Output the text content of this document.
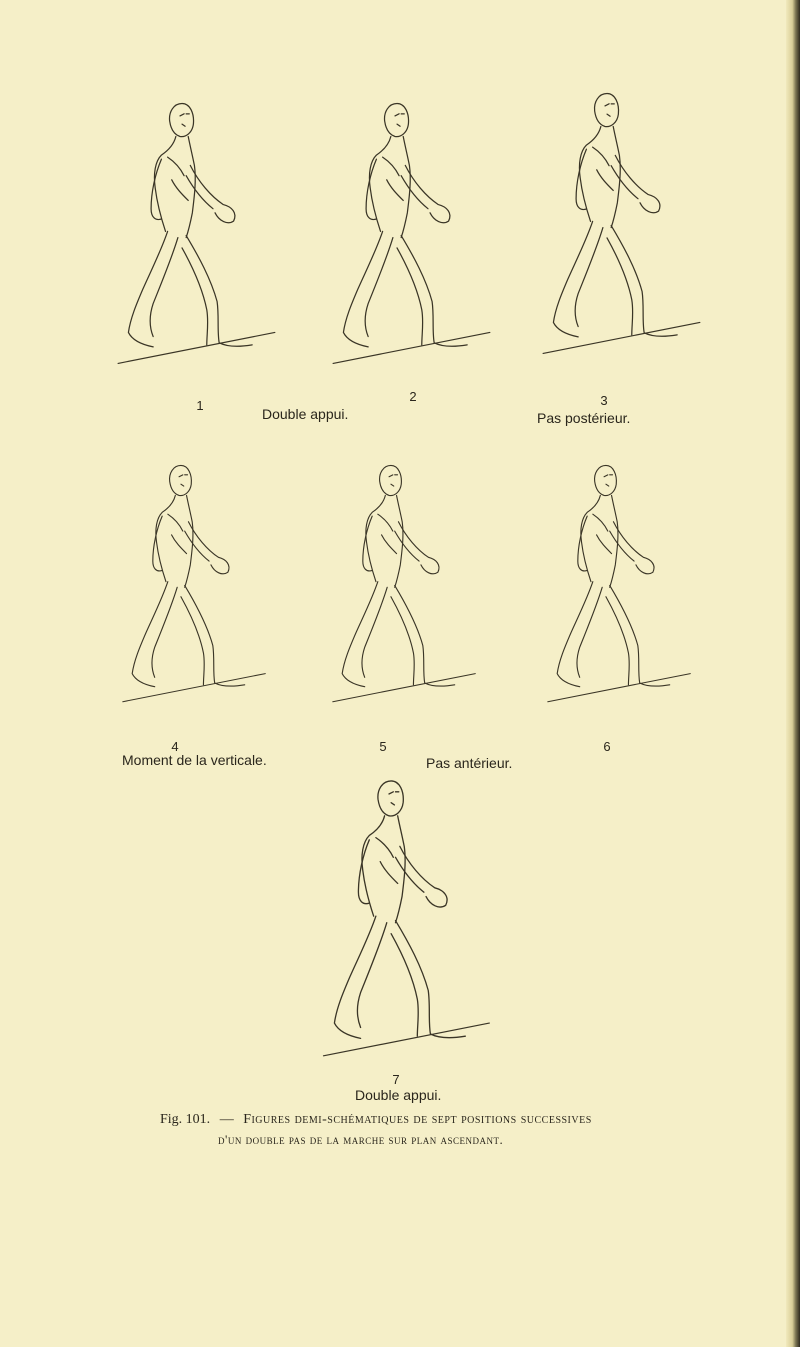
1
2	3
Double appui.	Pas postérieur.
4
Moment de la verticale.
5
Pas antérieur.
6
7
Double appui.
Fig. 101. — Figures demi-schématiques de sept positions successives
d'un double pas de la marche sur plan ascendant.
